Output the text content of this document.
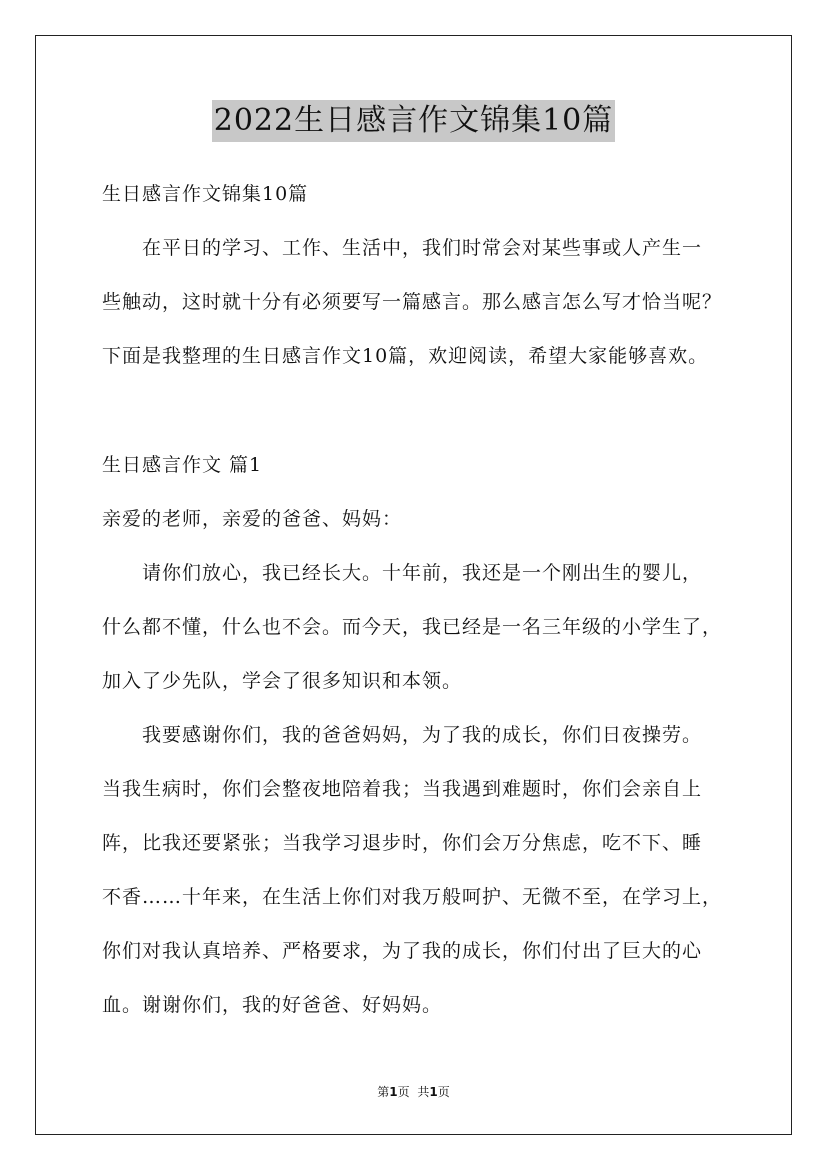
2022生日感言作文锦集10篇
生日感言作文锦集10篇
在平日的学习、工作、生活中，我们时常会对某些事或人产生一
些触动，这时就十分有必须要写一篇感言。那么感言怎么写才恰当呢？
下面是我整理的生日感言作文10篇，欢迎阅读，希望大家能够喜欢。
生日感言作文 篇1
亲爱的老师，亲爱的爸爸、妈妈：
请你们放心，我已经长大。十年前，我还是一个刚出生的婴儿，
什么都不懂，什么也不会。而今天，我已经是一名三年级的小学生了，
加入了少先队，学会了很多知识和本领。
我要感谢你们，我的爸爸妈妈，为了我的成长，你们日夜操劳。
当我生病时，你们会整夜地陪着我；当我遇到难题时，你们会亲自上
阵，比我还要紧张；当我学习退步时，你们会万分焦虑，吃不下、睡
不香……十年来，在生活上你们对我万般呵护、无微不至，在学习上，
你们对我认真培养、严格要求，为了我的成长，你们付出了巨大的心
血。谢谢你们，我的好爸爸、好妈妈。
第1页 共1页
